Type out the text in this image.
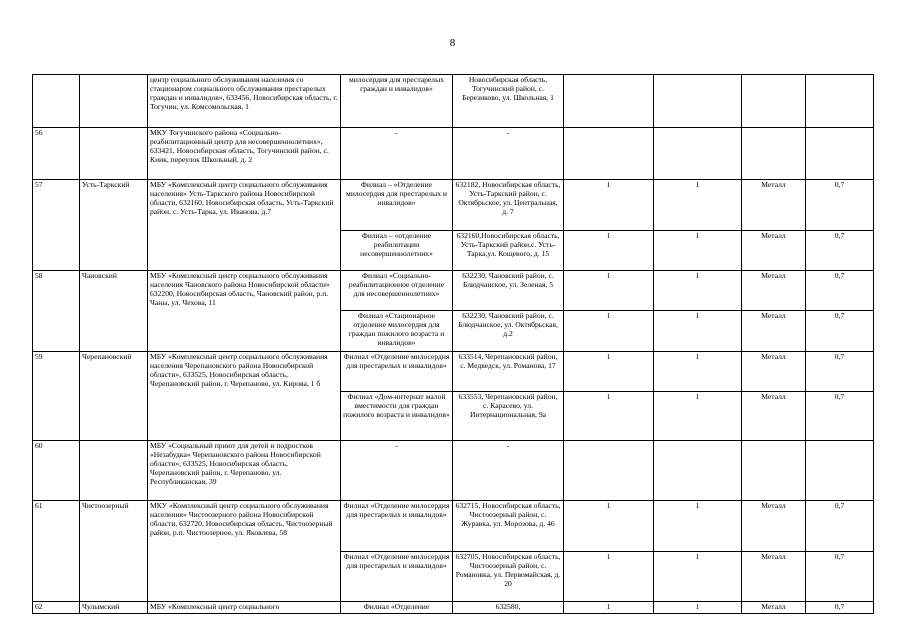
8
		центр социального обслуживания населения со стационаром социального обслуживания престарелых граждан и инвалидов», 633456, Новосибирская область, г. Тогучин, ул. Комсомольская, 1	милосердия для престарелых граждан и инвалидов»	Новосибирская область, Тогучинский район, с. Березиково, ул. Школьная, 1				
56		МКУ Тогучинского района «Социально-реабилитационный центр для несовершеннолетних», 633421, Новосибирская область, Тогучинский район, с. Киик, переулок Школьный, д. 2	-	-				
57	Усть-Таркский	МБУ «Комплексный центр социального обслуживания населения» Усть-Таркского района Новосибирской области, 632160, Новосибирская область, Усть-Таркский район, с. Усть-Тарка, ул. Иванова, д.7	Филиал – «Отделение милосердия для престарелых и инвалидов»	632182, Новосибирская область, Усть-Таркский район, с. Октябрьское, ул. Центральная, д. 7	1	1	Металл	0,7
			Филиал – «отделение реабилитации несовершеннолетних»	632160,Новосибирская область, Усть-Таркский район,с. Усть-Тарка,ул. Кощевого, д. 15	1	1	Металл	0,7
58	Чановский	МБУ «Комплексный центр социального обслуживания населения Чановского района Новосибирской области» 632200, Новосибирская область, Чановский район, р.п. Чаны, ул. Чехова, 11	Филиал «Социально-реабилитационное отделение для несовершеннолетних»	632230, Чановский район, с. Блюдчанское, ул. Зеленая, 5	1	1	Металл	0,7
			Филиал «Стационарное отделение милосердия для граждан пожилого возраста и инвалидов»	632230, Чановский район, с. Блюдчанское, ул. Октябрьская, д.2	1	1	Металл	0,7
59	Черепановский	МБУ «Комплексный центр социального обслуживания населения Черепановского района Новосибирской области», 633525, Новосибирская область, Черепановский район, г. Черепаново, ул. Кирова, 1 б	Филиал «Отделение милосердия для престарелых и инвалидов»	633514, Черепановский район, с. Медведск, ул. Романова, 17	1	1	Металл	0,7
			Филиал «Дом-интернат малой вместимости для граждан пожилого возраста и инвалидов»	633553, Черепановский район, с. Карасево, ул. Интернациональная, 9а	1	1	Металл	0,7
60		МБУ «Социальный приют для детей и подростков «Незабудка» Черепановского района Новосибирской области», 633525, Новосибирская область, Черепановский район, г. Черепаново, ул. Республиканская, 39	-	-				
61	Чистоозерный	МКУ «Комплексный центр социального обслуживания населения» Чистоозерного района Новосибирской области, 632720, Новосибирская область, Чистоозерный район, р.п. Чистоозерное, ул. Яковлева, 58	Филиал «Отделение милосердия для престарелых и инвалидов»	632715, Новосибирская область, Чистоозерный район, с. Журавка, ул. Морозова, д. 46	1	1	Металл	0,7
			Филиал «Отделение милосердия для престарелых и инвалидов»	632705, Новосибирская область, Чистоозерный район, с. Романовка, ул. Первомайская, д. 20	1	1	Металл	0,7
62	Чулымский	МБУ «Комплексный центр социального	Филиал «Отделение	632580,	1	1	Металл	0,7
